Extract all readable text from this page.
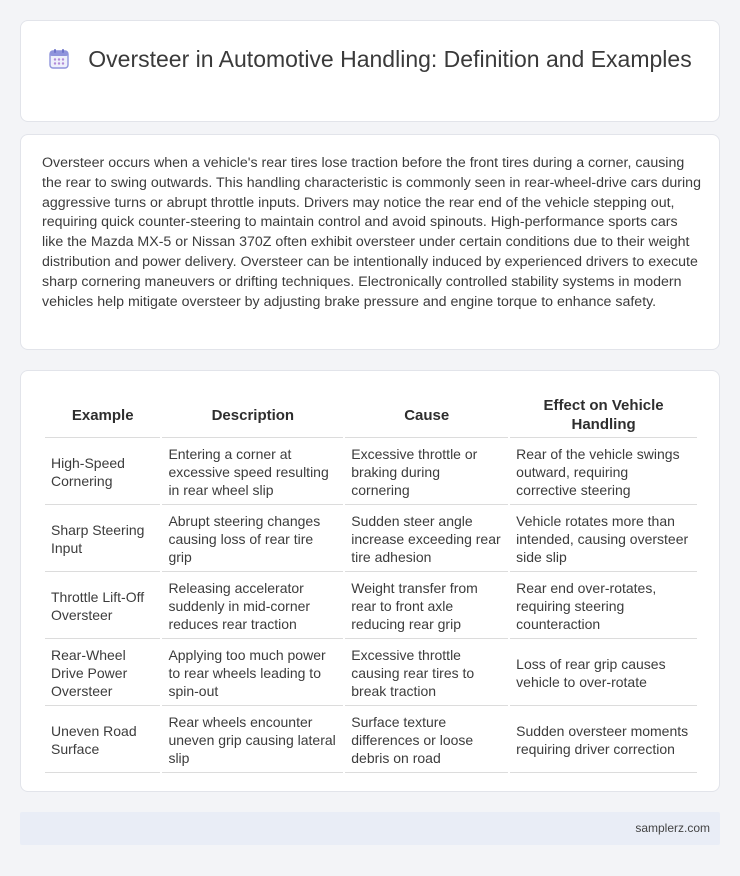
Oversteer in Automotive Handling: Definition and Examples

Oversteer occurs when a vehicle's rear tires lose traction before the front tires during a corner, causing the rear to swing outwards. This handling characteristic is commonly seen in rear-wheel-drive cars during aggressive turns or abrupt throttle inputs. Drivers may notice the rear end of the vehicle stepping out, requiring quick counter-steering to maintain control and avoid spinouts. High-performance sports cars like the Mazda MX-5 or Nissan 370Z often exhibit oversteer under certain conditions due to their weight distribution and power delivery. Oversteer can be intentionally induced by experienced drivers to execute sharp cornering maneuvers or drifting techniques. Electronically controlled stability systems in modern vehicles help mitigate oversteer by adjusting brake pressure and engine torque to enhance safety.

Example	Description	Cause	Effect on Vehicle Handling
High-Speed Cornering	Entering a corner at excessive speed resulting in rear wheel slip	Excessive throttle or braking during cornering	Rear of the vehicle swings outward, requiring corrective steering
Sharp Steering Input	Abrupt steering changes causing loss of rear tire grip	Sudden steer angle increase exceeding rear tire adhesion	Vehicle rotates more than intended, causing oversteer side slip
Throttle Lift-Off Oversteer	Releasing accelerator suddenly in mid-corner reduces rear traction	Weight transfer from rear to front axle reducing rear grip	Rear end over-rotates, requiring steering counteraction
Rear-Wheel Drive Power Oversteer	Applying too much power to rear wheels leading to spin-out	Excessive throttle causing rear tires to break traction	Loss of rear grip causes vehicle to over-rotate
Uneven Road Surface	Rear wheels encounter uneven grip causing lateral slip	Surface texture differences or loose debris on road	Sudden oversteer moments requiring driver correction
samplerz.com
